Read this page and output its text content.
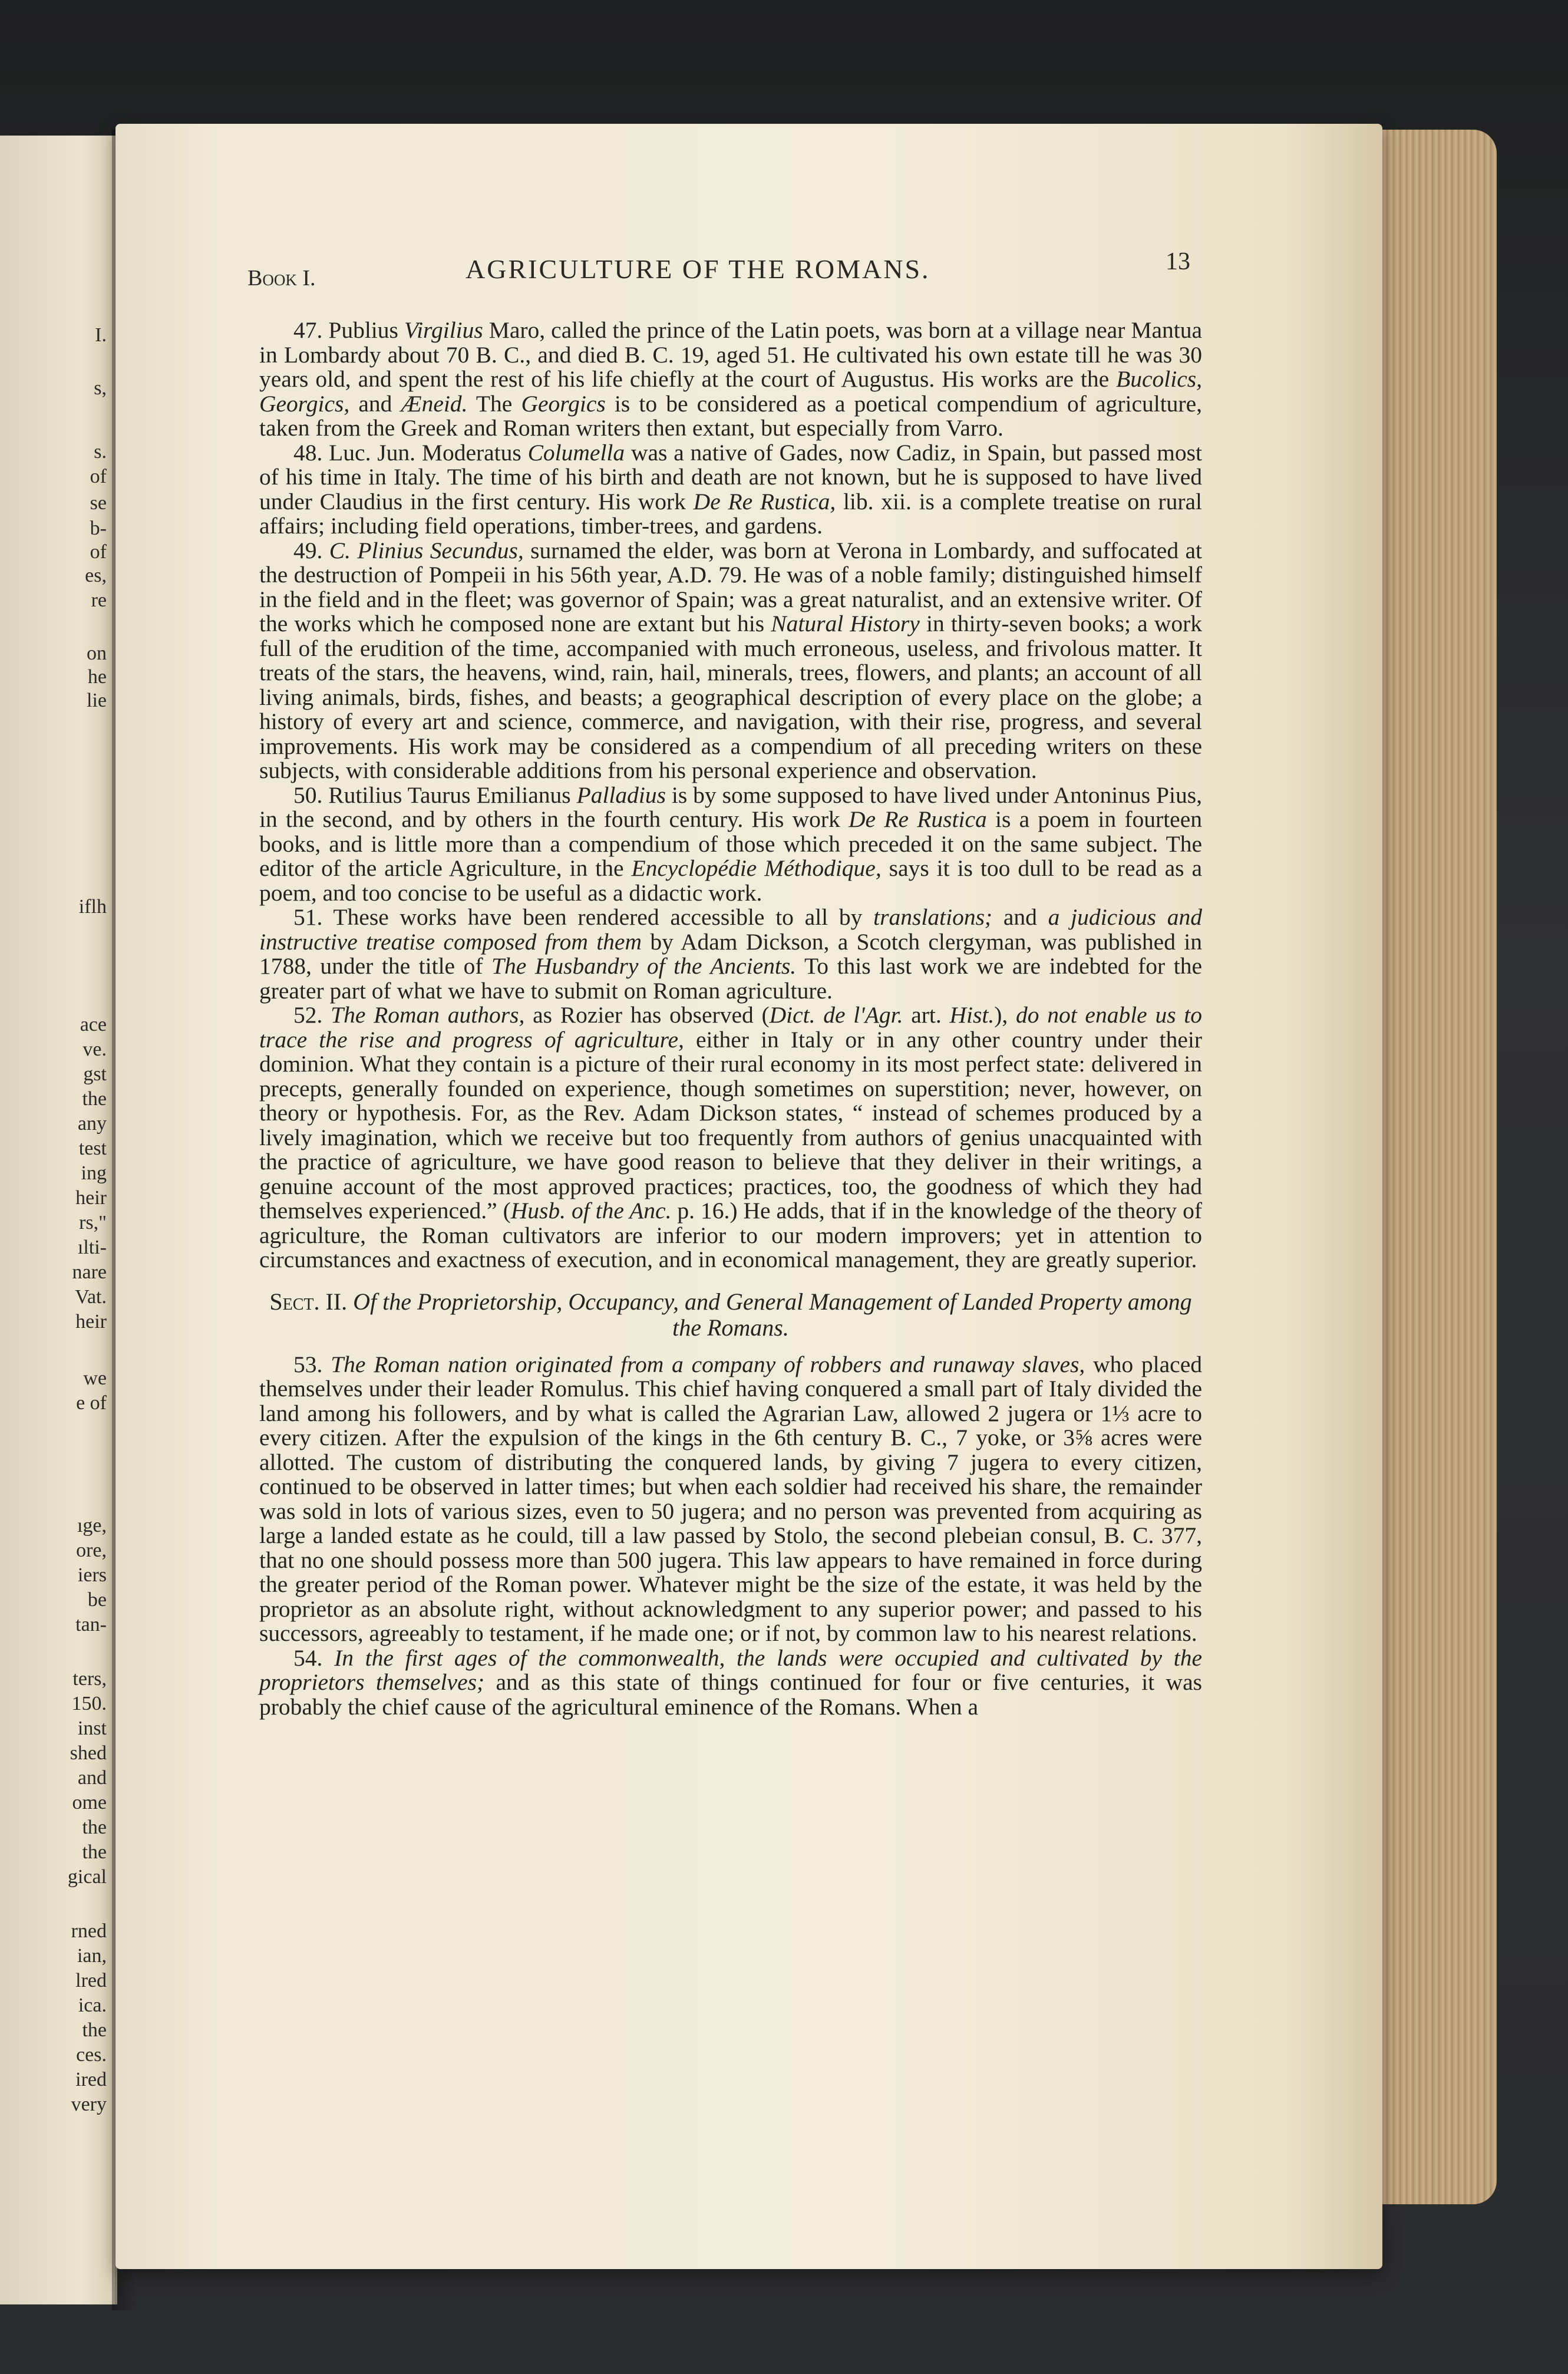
I.
s,
s.
of
se
b-
of
es,
re
on
he
lie
iflh
ace
ve.
gst
the
any
test
ing
heir
rs,"
ılti-
nare
Vat.
heir
we
e of
ıge,
ore,
iers
be
tan-
ters,
150.
inst
shed
and
ome
the
the
gical
rned
ian,
lred
ica.
the
ces.
ired
very
Book I.	AGRICULTURE OF THE ROMANS.	13

47. Publius Virgilius Maro, called the prince of the Latin poets, was born at a village near Mantua in Lombardy about 70 B. C., and died B. C. 19, aged 51. He cultivated his own estate till he was 30 years old, and spent the rest of his life chiefly at the court of Augustus. His works are the Bucolics, Georgics, and Æneid. The Georgics is to be considered as a poetical compendium of agriculture, taken from the Greek and Roman writers then extant, but especially from Varro.

48. Luc. Jun. Moderatus Columella was a native of Gades, now Cadiz, in Spain, but passed most of his time in Italy. The time of his birth and death are not known, but he is supposed to have lived under Claudius in the first century. His work De Re Rustica, lib. xii. is a complete treatise on rural affairs; including field operations, timber-trees, and gardens.

49. C. Plinius Secundus, surnamed the elder, was born at Verona in Lombardy, and suffocated at the destruction of Pompeii in his 56th year, A.D. 79. He was of a noble family; distinguished himself in the field and in the fleet; was governor of Spain; was a great naturalist, and an extensive writer. Of the works which he composed none are extant but his Natural History in thirty-seven books; a work full of the erudition of the time, accompanied with much erroneous, useless, and frivolous matter. It treats of the stars, the heavens, wind, rain, hail, minerals, trees, flowers, and plants; an account of all living animals, birds, fishes, and beasts; a geographical description of every place on the globe; a history of every art and science, commerce, and navigation, with their rise, progress, and several improvements. His work may be considered as a compendium of all preceding writers on these subjects, with considerable additions from his personal experience and observation.

50. Rutilius Taurus Emilianus Palladius is by some supposed to have lived under Antoninus Pius, in the second, and by others in the fourth century. His work De Re Rustica is a poem in fourteen books, and is little more than a compendium of those which preceded it on the same subject. The editor of the article Agriculture, in the Encyclopédie Méthodique, says it is too dull to be read as a poem, and too concise to be useful as a didactic work.

51. These works have been rendered accessible to all by translations; and a judicious and instructive treatise composed from them by Adam Dickson, a Scotch clergyman, was published in 1788, under the title of The Husbandry of the Ancients. To this last work we are indebted for the greater part of what we have to submit on Roman agriculture.

52. The Roman authors, as Rozier has observed (Dict. de l'Agr. art. Hist.), do not enable us to trace the rise and progress of agriculture, either in Italy or in any other country under their dominion. What they contain is a picture of their rural economy in its most perfect state: delivered in precepts, generally founded on experience, though sometimes on superstition; never, however, on theory or hypothesis. For, as the Rev. Adam Dickson states, “ instead of schemes produced by a lively imagination, which we receive but too frequently from authors of genius unacquainted with the practice of agriculture, we have good reason to believe that they deliver in their writings, a genuine account of the most approved practices; practices, too, the goodness of which they had themselves experienced.” (Husb. of the Anc. p. 16.) He adds, that if in the knowledge of the theory of agriculture, the Roman cultivators are inferior to our modern improvers; yet in attention to circumstances and exactness of execution, and in economical management, they are greatly superior.

Sect. II. Of the Proprietorship, Occupancy, and General Management of Landed Property among the Romans.

53. The Roman nation originated from a company of robbers and runaway slaves, who placed themselves under their leader Romulus. This chief having conquered a small part of Italy divided the land among his followers, and by what is called the Agrarian Law, allowed 2 jugera or 1⅓ acre to every citizen. After the expulsion of the kings in the 6th century B. C., 7 yoke, or 3⅝ acres were allotted. The custom of distributing the conquered lands, by giving 7 jugera to every citizen, continued to be observed in latter times; but when each soldier had received his share, the remainder was sold in lots of various sizes, even to 50 jugera; and no person was prevented from acquiring as large a landed estate as he could, till a law passed by Stolo, the second plebeian consul, B. C. 377, that no one should possess more than 500 jugera. This law appears to have remained in force during the greater period of the Roman power. Whatever might be the size of the estate, it was held by the proprietor as an absolute right, without acknowledgment to any superior power; and passed to his successors, agreeably to testament, if he made one; or if not, by common law to his nearest relations.

54. In the first ages of the commonwealth, the lands were occupied and cultivated by the proprietors themselves; and as this state of things continued for four or five centuries, it was probably the chief cause of the agricultural eminence of the Romans. When a
